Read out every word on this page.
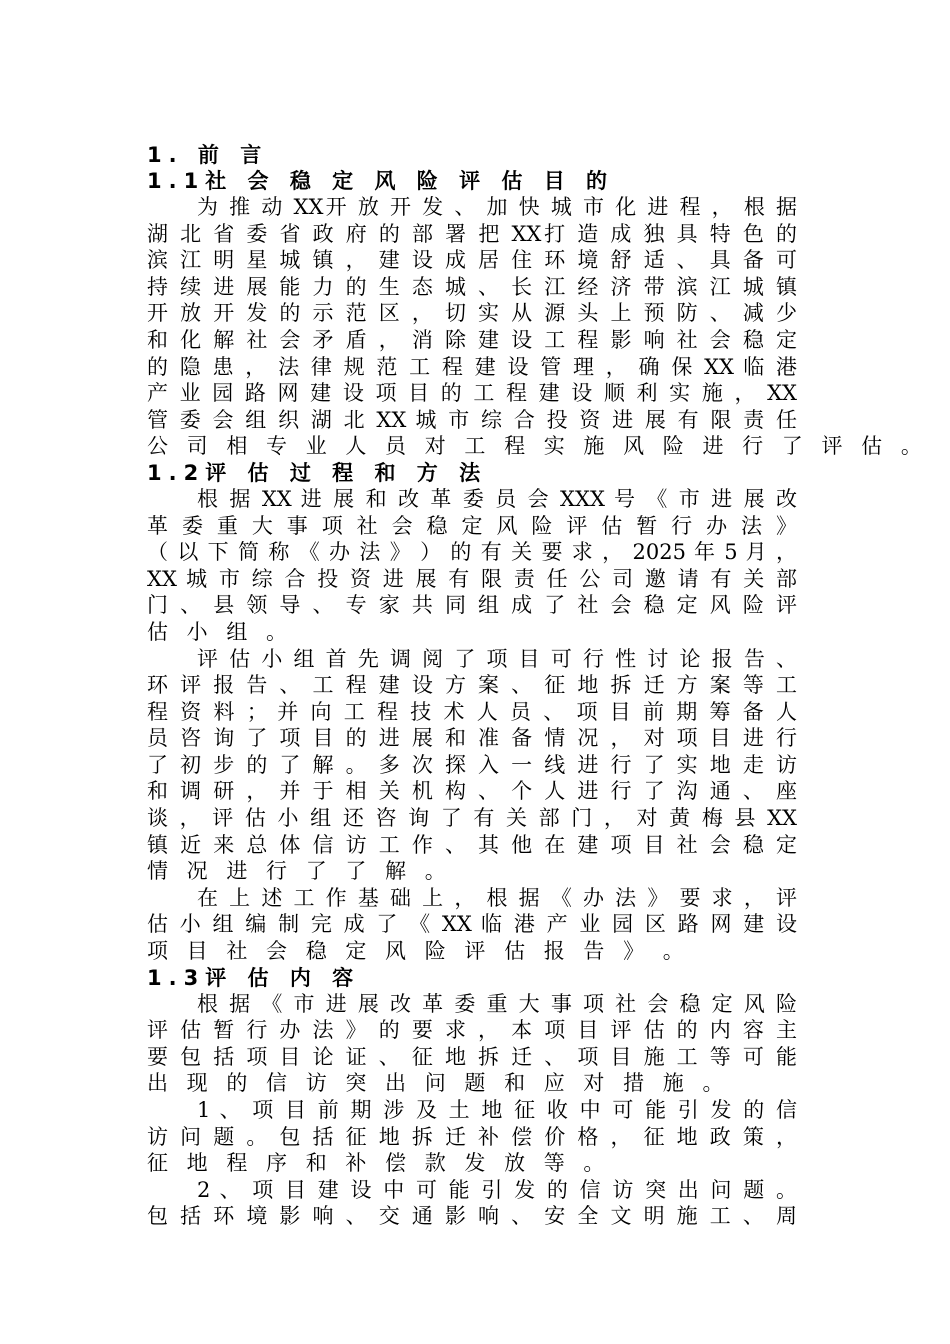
1. 前 言
1.1社 会 稳 定 风 险 评 估 目 的
为 推 动 XX开 放 开 发 、 加 快 城 市 化 进 程 ， 根 据
湖 北 省 委 省 政 府 的 部 署 把 XX打 造 成 独 具 特 色 的
滨 江 明 星 城 镇 ， 建 设 成 居 住 环 境 舒 适 、 具 备 可
持 续 进 展 能 力 的 生 态 城 、 长 江 经 济 带 滨 江 城 镇
开 放 开 发 的 示 范 区 ， 切 实 从 源 头 上 预 防 、 减 少
和 化 解 社 会 矛 盾 ， 消 除 建 设 工 程 影 响 社 会 稳 定
的 隐 患 ， 法 律 规 范 工 程 建 设 管 理 ， 确 保 XX 临 港
产 业 园 路 网 建 设 项 目 的 工 程 建 设 顺 利 实 施 ， XX
管 委 会 组 织 湖 北 XX 城 市 综 合 投 资 进 展 有 限 责 任
公 司 相 专 业 人 员 对 工 程 实 施 风 险 进 行 了 评 估 。
1.2评 估 过 程 和 方 法
根 据 XX 进 展 和 改 革 委 员 会 XXX 号 《 市 进 展 改
革 委 重 大 事 项 社 会 稳 定 风 险 评 估 暂 行 办 法 》
（ 以 下 简 称 《 办 法 》 ） 的 有 关 要 求 ， 2025 年 5 月 ，
XX 城 市 综 合 投 资 进 展 有 限 责 任 公 司 邀 请 有 关 部
门 、 县 领 导 、 专 家 共 同 组 成 了 社 会 稳 定 风 险 评
估 小 组 。
评 估 小 组 首 先 调 阅 了 项 目 可 行 性 讨 论 报 告 、
环 评 报 告 、 工 程 建 设 方 案 、 征 地 拆 迁 方 案 等 工
程 资 料 ； 并 向 工 程 技 术 人 员 、 项 目 前 期 筹 备 人
员 咨 询 了 项 目 的 进 展 和 准 备 情 况 ， 对 项 目 进 行
了 初 步 的 了 解 。 多 次 探 入 一 线 进 行 了 实 地 走 访
和 调 研 ， 并 于 相 关 机 构 、 个 人 进 行 了 沟 通 、 座
谈 ， 评 估 小 组 还 咨 询 了 有 关 部 门 ， 对 黄 梅 县 XX
镇 近 来 总 体 信 访 工 作 、 其 他 在 建 项 目 社 会 稳 定
情 况 进 行 了 了 解 。
在 上 述 工 作 基 础 上 ， 根 据 《 办 法 》 要 求 ， 评
估 小 组 编 制 完 成 了 《 XX 临 港 产 业 园 区 路 网 建 设
项 目 社 会 稳 定 风 险 评 估 报 告 》 。
1.3评 估 内 容
根 据 《 市 进 展 改 革 委 重 大 事 项 社 会 稳 定 风 险
评 估 暂 行 办 法 》 的 要 求 ， 本 项 目 评 估 的 内 容 主
要 包 括 项 目 论 证 、 征 地 拆 迁 、 项 目 施 工 等 可 能
出 现 的 信 访 突 出 问 题 和 应 对 措 施 。
1 、 项 目 前 期 涉 及 土 地 征 收 中 可 能 引 发 的 信
访 问 题 。 包 括 征 地 拆 迁 补 偿 价 格 ， 征 地 政 策 ，
征 地 程 序 和 补 偿 款 发 放 等 。
2 、 项 目 建 设 中 可 能 引 发 的 信 访 突 出 问 题 。
包 括 环 境 影 响 、 交 通 影 响 、 安 全 文 明 施 工 、 周
